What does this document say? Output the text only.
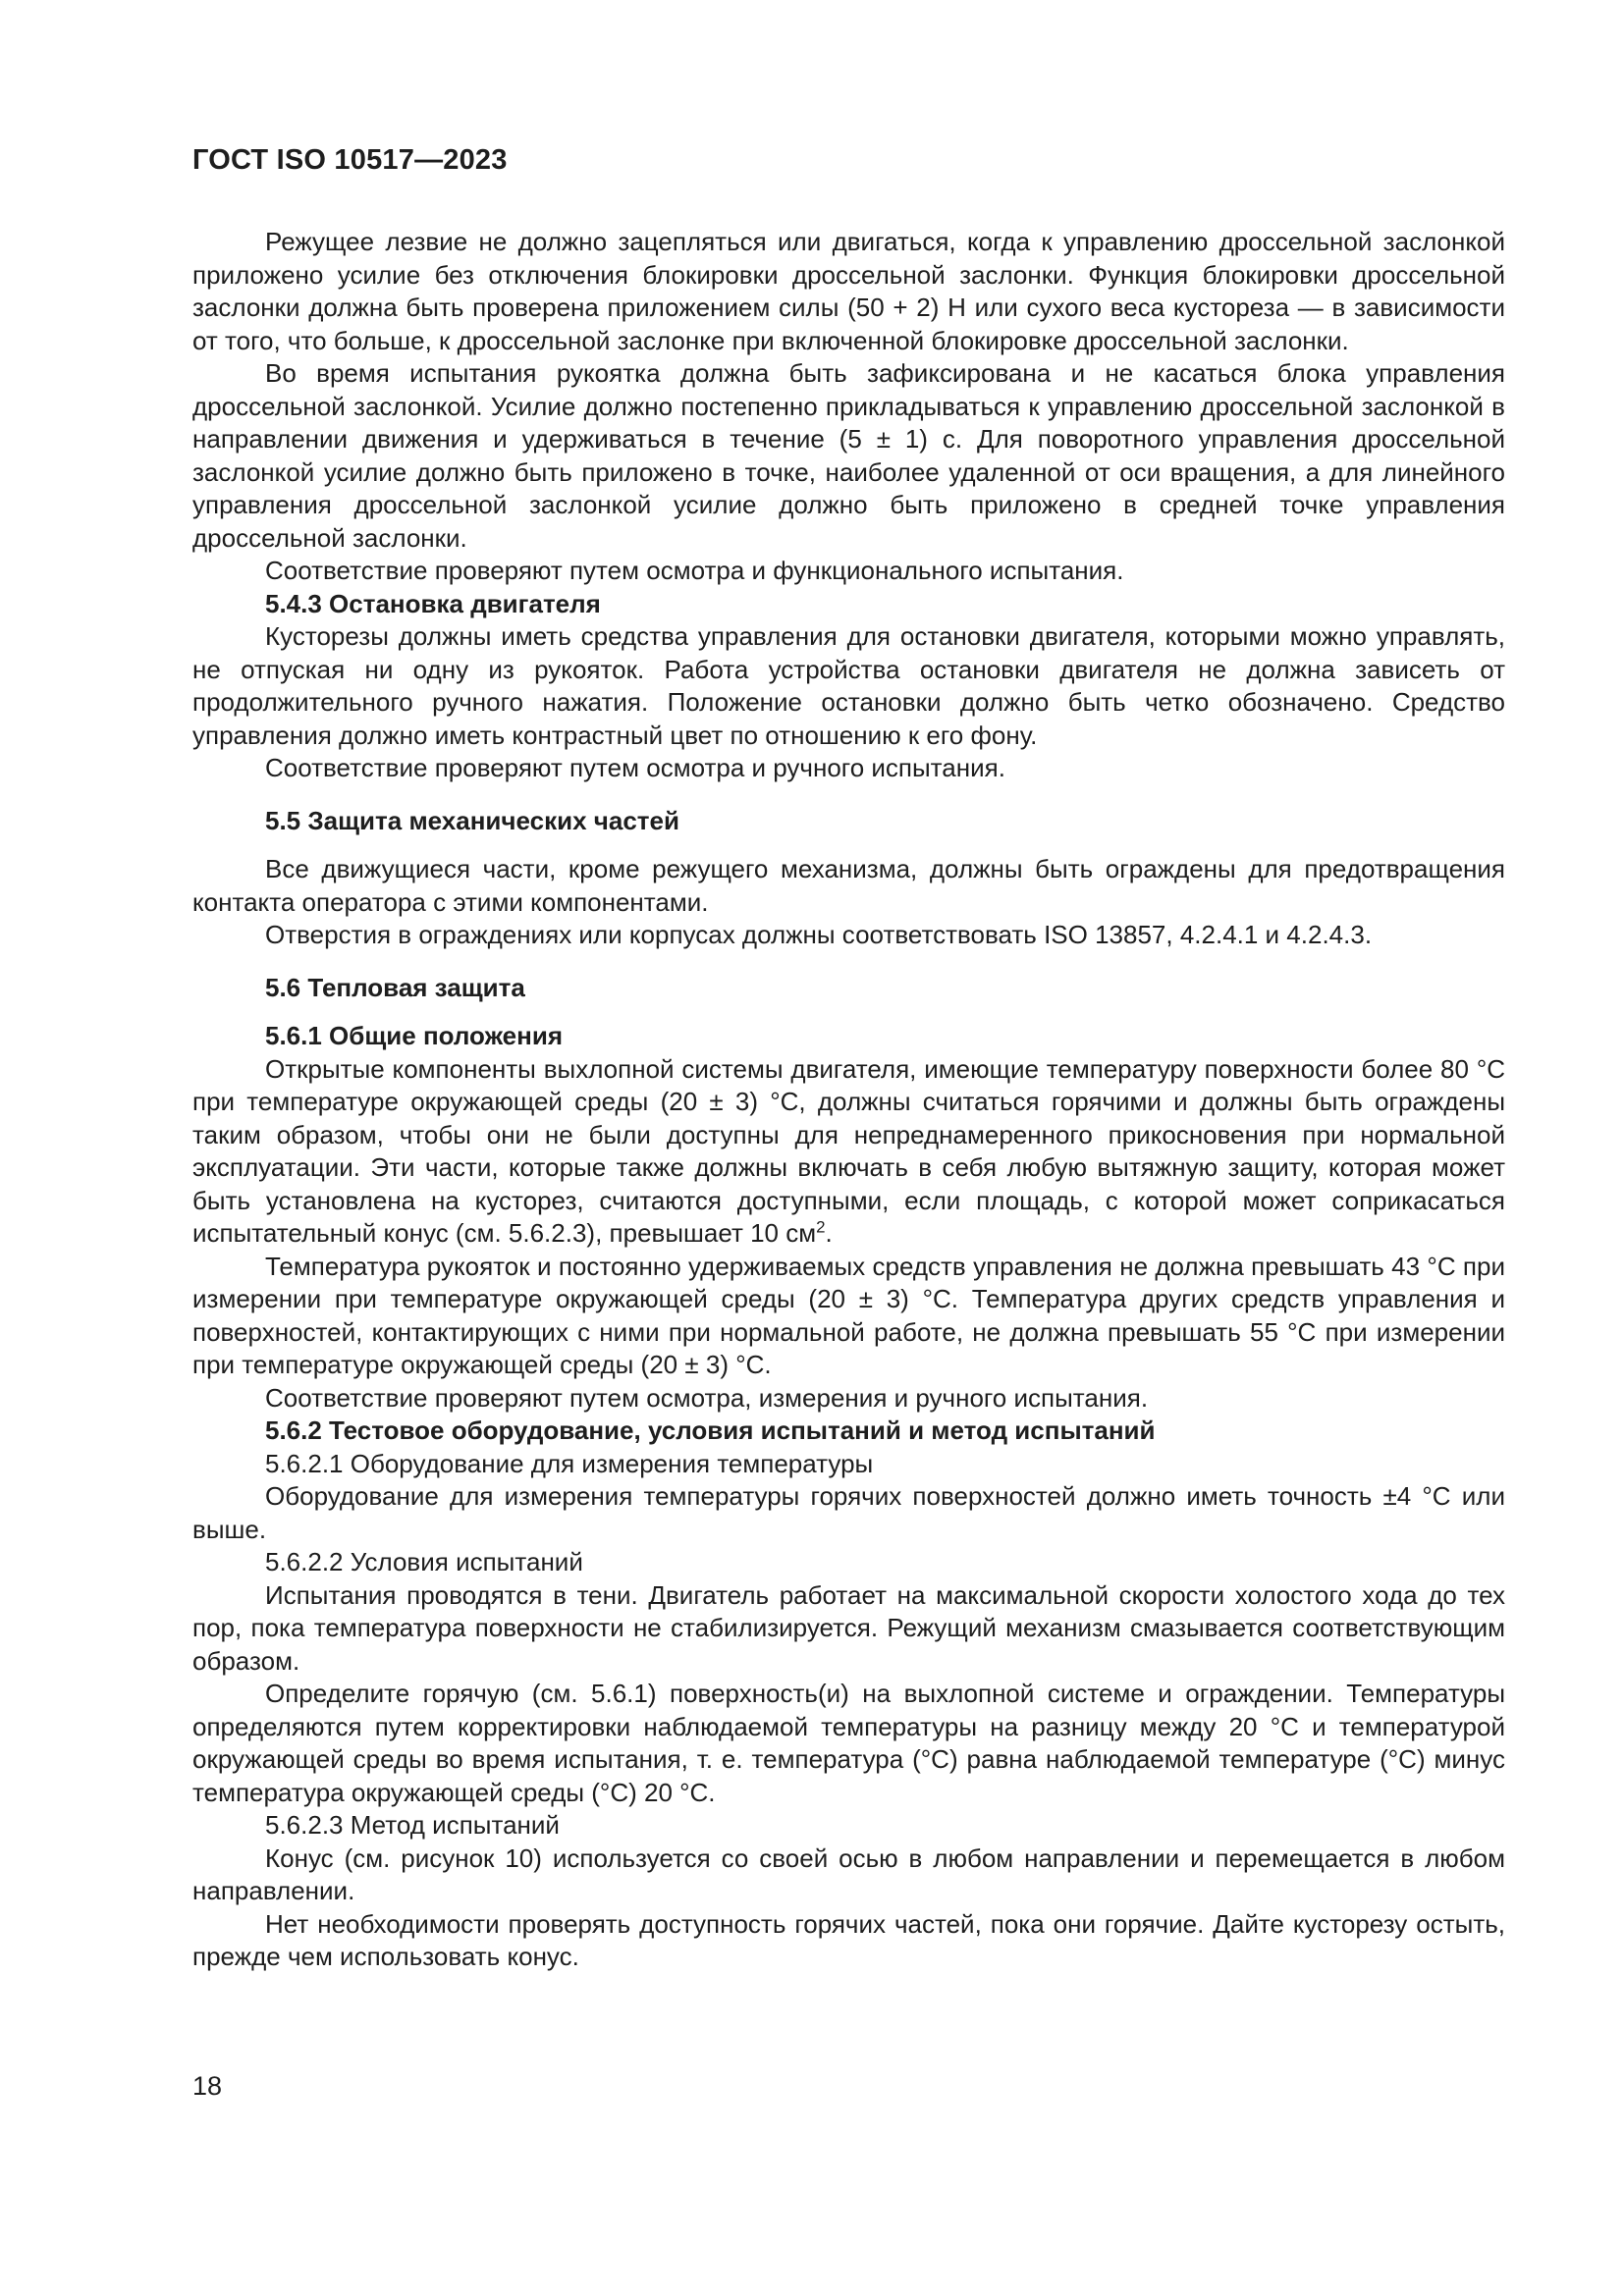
ГОСТ ISO 10517—2023

Режущее лезвие не должно зацепляться или двигаться, когда к управлению дроссельной заслонкой приложено усилие без отключения блокировки дроссельной заслонки. Функция блокировки дроссельной заслонки должна быть проверена приложением силы (50 + 2) Н или сухого веса кустореза — в зависимости от того, что больше, к дроссельной заслонке при включенной блокировке дроссельной заслонки.

Во время испытания рукоятка должна быть зафиксирована и не касаться блока управления дроссельной заслонкой. Усилие должно постепенно прикладываться к управлению дроссельной заслонкой в направлении движения и удерживаться в течение (5 ± 1) с. Для поворотного управления дроссельной заслонкой усилие должно быть приложено в точке, наиболее удаленной от оси вращения, а для линейного управления дроссельной заслонкой усилие должно быть приложено в средней точке управления дроссельной заслонки.

Соответствие проверяют путем осмотра и функционального испытания.

5.4.3 Остановка двигателя

Кусторезы должны иметь средства управления для остановки двигателя, которыми можно управлять, не отпуская ни одну из рукояток. Работа устройства остановки двигателя не должна зависеть от продолжительного ручного нажатия. Положение остановки должно быть четко обозначено. Средство управления должно иметь контрастный цвет по отношению к его фону.

Соответствие проверяют путем осмотра и ручного испытания.

5.5 Защита механических частей

Все движущиеся части, кроме режущего механизма, должны быть ограждены для предотвращения контакта оператора с этими компонентами.

Отверстия в ограждениях или корпусах должны соответствовать ISO 13857, 4.2.4.1 и 4.2.4.3.

5.6 Тепловая защита

5.6.1 Общие положения

Открытые компоненты выхлопной системы двигателя, имеющие температуру поверхности более 80 °С при температуре окружающей среды (20 ± 3) °С, должны считаться горячими и должны быть ограждены таким образом, чтобы они не были доступны для непреднамеренного прикосновения при нормальной эксплуатации. Эти части, которые также должны включать в себя любую вытяжную защиту, которая может быть установлена на кусторез, считаются доступными, если площадь, с которой может соприкасаться испытательный конус (см. 5.6.2.3), превышает 10 $см^2$.

Температура рукояток и постоянно удерживаемых средств управления не должна превышать 43 °С при измерении при температуре окружающей среды (20 ± 3) °С. Температура других средств управления и поверхностей, контактирующих с ними при нормальной работе, не должна превышать 55 °С при измерении при температуре окружающей среды (20 ± 3) °С.

Соответствие проверяют путем осмотра, измерения и ручного испытания.

5.6.2 Тестовое оборудование, условия испытаний и метод испытаний

5.6.2.1 Оборудование для измерения температуры

Оборудование для измерения температуры горячих поверхностей должно иметь точность ±4 °С или выше.

5.6.2.2 Условия испытаний

Испытания проводятся в тени. Двигатель работает на максимальной скорости холостого хода до тех пор, пока температура поверхности не стабилизируется. Режущий механизм смазывается соответствующим образом.

Определите горячую (см. 5.6.1) поверхность(и) на выхлопной системе и ограждении. Температуры определяются путем корректировки наблюдаемой температуры на разницу между 20 °С и температурой окружающей среды во время испытания, т. е. температура (°С) равна наблюдаемой температуре (°С) минус температура окружающей среды (°С) 20 °С.

5.6.2.3 Метод испытаний

Конус (см. рисунок 10) используется со своей осью в любом направлении и перемещается в любом направлении.

Нет необходимости проверять доступность горячих частей, пока они горячие. Дайте кусторезу остыть, прежде чем использовать конус.

18
